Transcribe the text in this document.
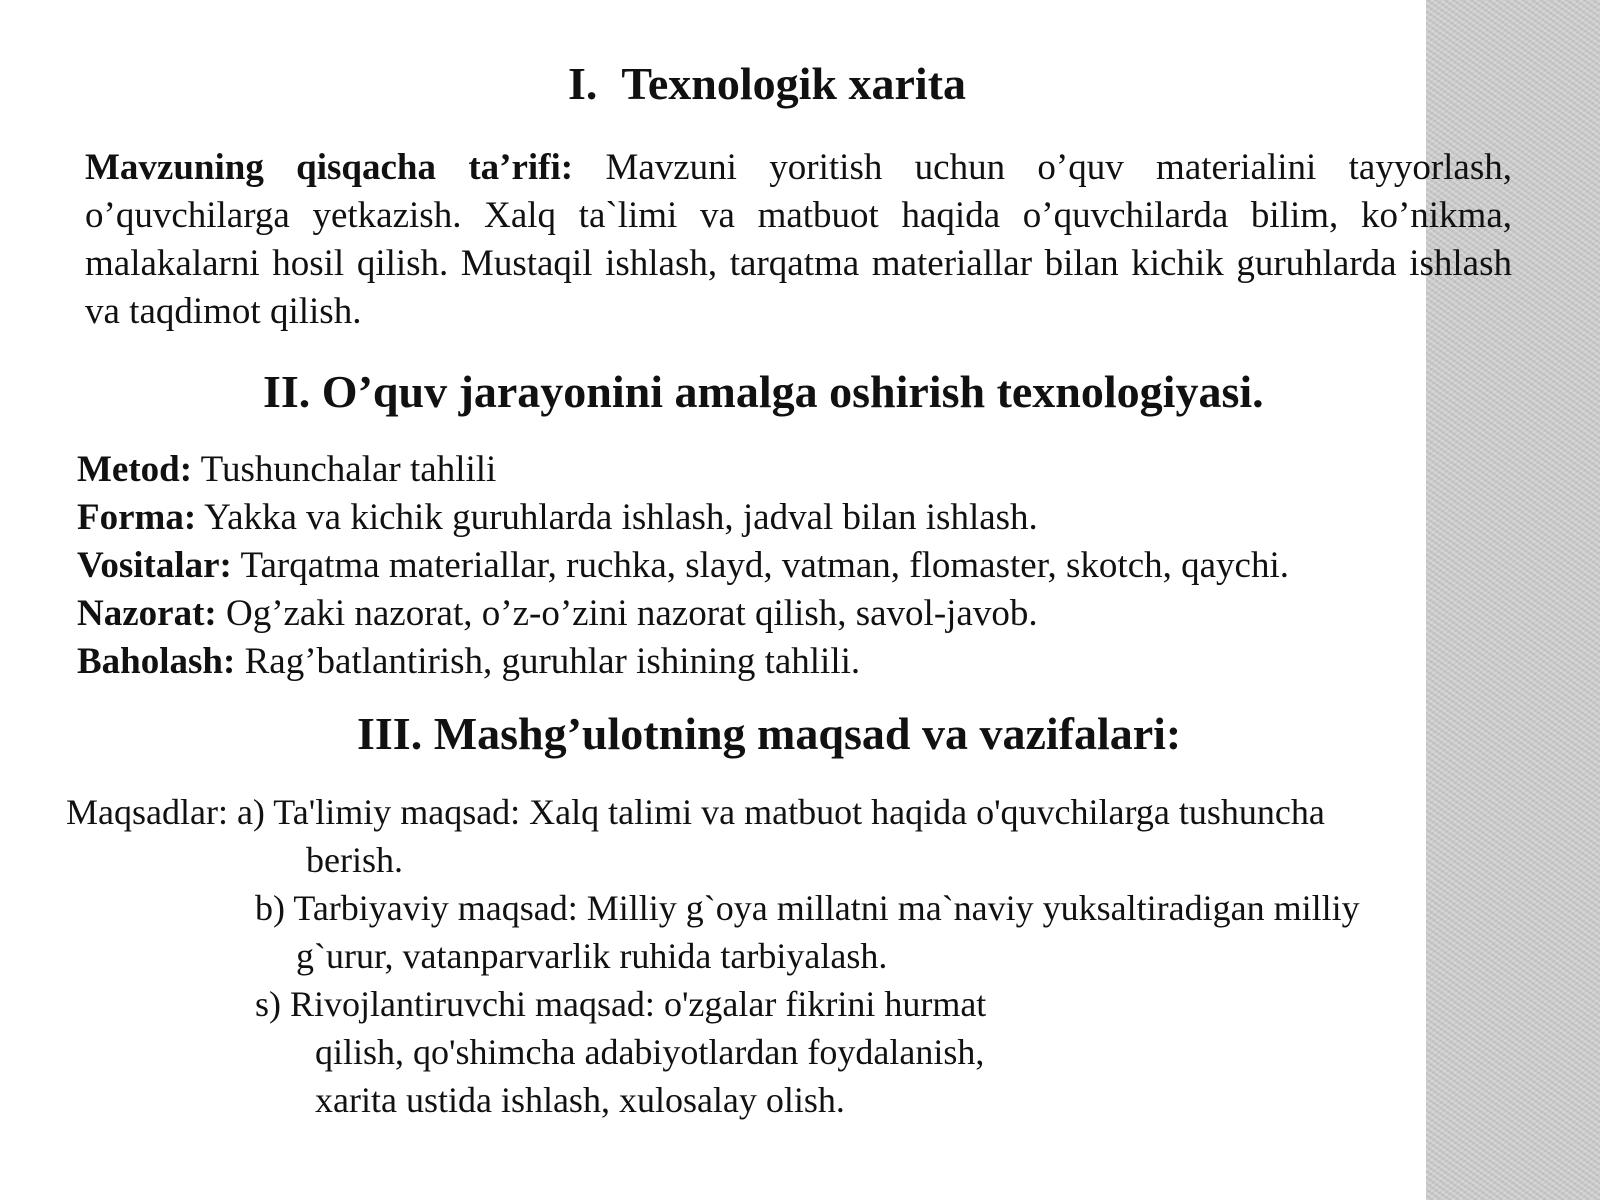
I. Texnologik xarita

Mavzuning qisqacha ta’rifi: Mavzuni yoritish uchun o’quv materialini tayyorlash, o’quvchilarga yetkazish. Xalq ta`limi va matbuot haqida o’quvchilarda bilim, ko’nikma, malakalarni hosil qilish. Mustaqil ishlash, tarqatma materiallar bilan kichik guruhlarda ishlash va taqdimot qilish.

II. O’quv jarayonini amalga oshirish texnologiyasi.
Metod: Tushunchalar tahlili
Forma: Yakka va kichik guruhlarda ishlash, jadval bilan ishlash.
Vositalar: Tarqatma materiallar, ruchka, slayd, vatman, flomaster, skotch, qaychi.
Nazorat: Og’zaki nazorat, o’z-o’zini nazorat qilish, savol-javob.
Baholash: Rag’batlantirish, guruhlar ishining tahlili.
III. Mashg’ulotning maqsad va vazifalari:

Maqsadlar: a) Ta'limiy maqsad: Xalq talimi va matbuot haqida o'quvchilarga tushuncha

berish.

b) Tarbiyaviy maqsad: Milliy g`oya millatni ma`naviy yuksaltiradigan milliy

g`urur, vatanparvarlik ruhida tarbiyalash.

s) Rivojlantiruvchi maqsad: o'zgalar fikrini hurmat

qilish, qo'shimcha adabiyotlardan foydalanish,

xarita ustida ishlash, xulosalay olish.
